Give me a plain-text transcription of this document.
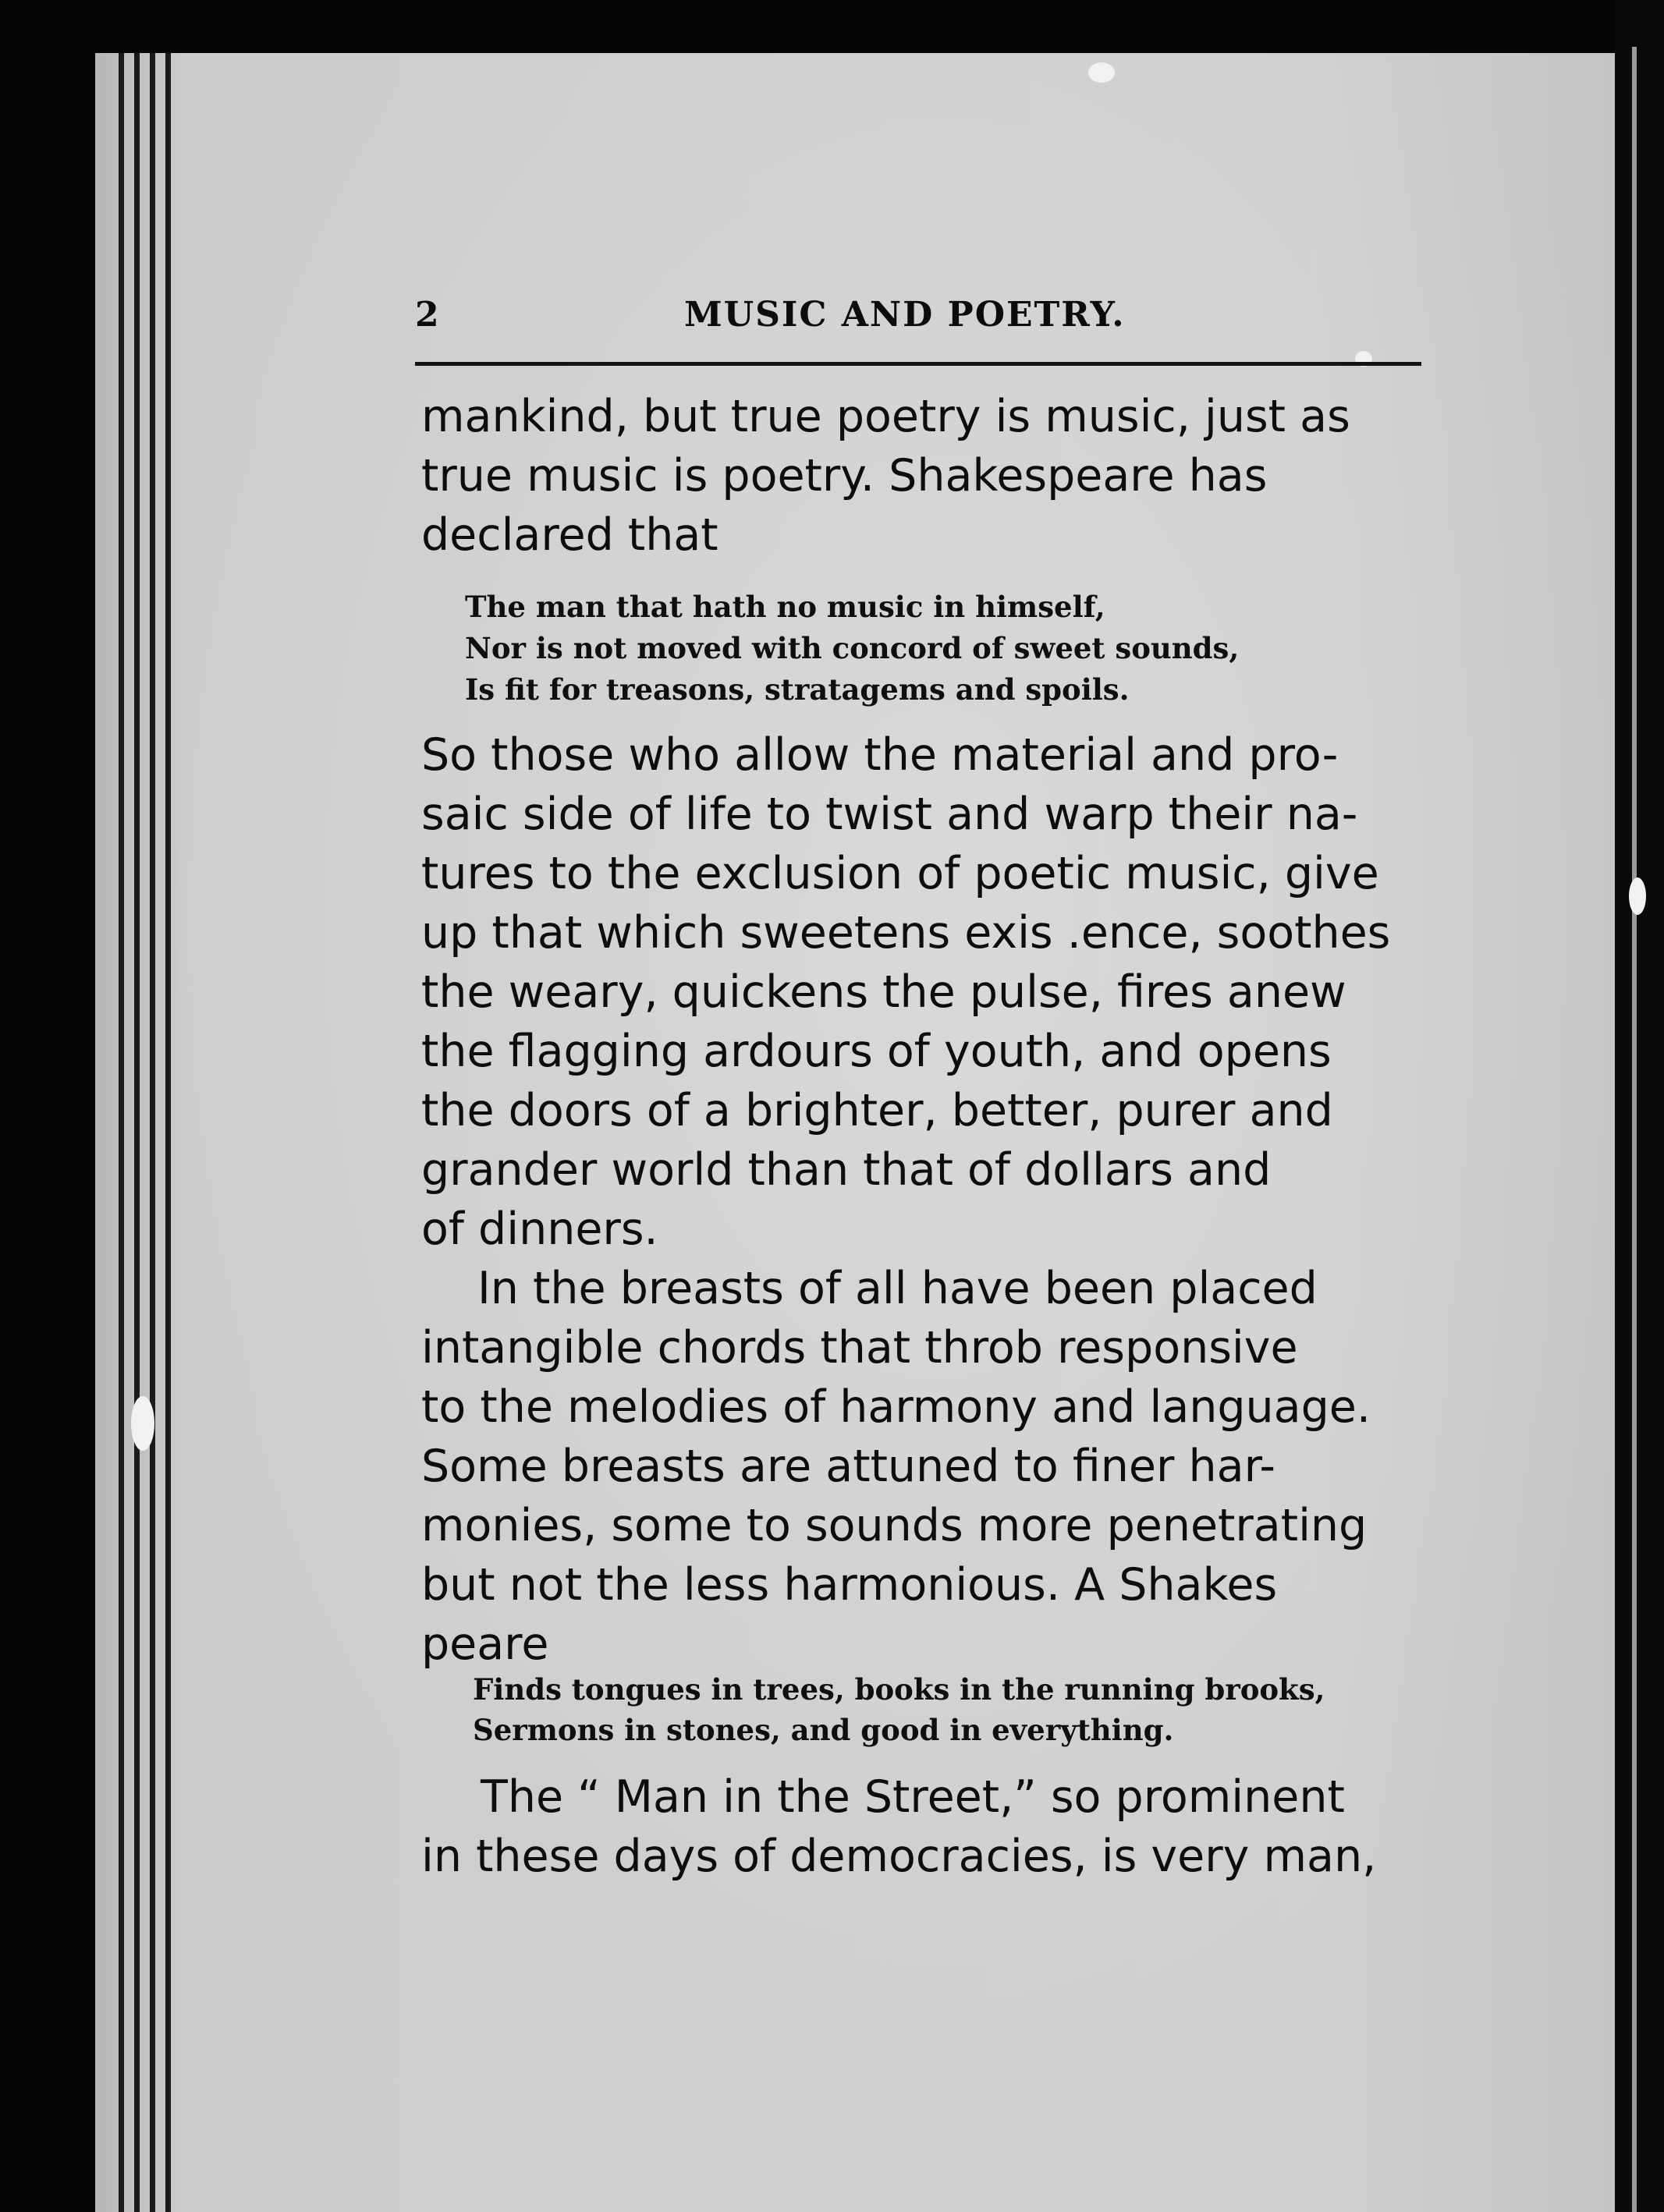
2	MUSIC AND POETRY.
mankind, but true poetry is music, just as
true music is poetry. Shakespeare has
declared that
The man that hath no music in himself,
Nor is not moved with concord of sweet sounds,
Is fit for treasons, stratagems and spoils.
So those who allow the material and pro-
saic side of life to twist and warp their na-
tures to the exclusion of poetic music, give
up that which sweetens exis .ence, soothes
the weary, quickens the pulse, fires anew
the flagging ardours of youth, and opens
the doors of a brighter, better, purer and
grander world than that of dollars and
of dinners.
In the breasts of all have been placed
intangible chords that throb responsive
to the melodies of harmony and language.
Some breasts are attuned to finer har-
monies, some to sounds more penetrating
but not the less harmonious. A Shakes
peare
Finds tongues in trees, books in the running brooks,
Sermons in stones, and good in everything.
The “ Man in the Street,” so prominent
in these days of democracies, is very man,
